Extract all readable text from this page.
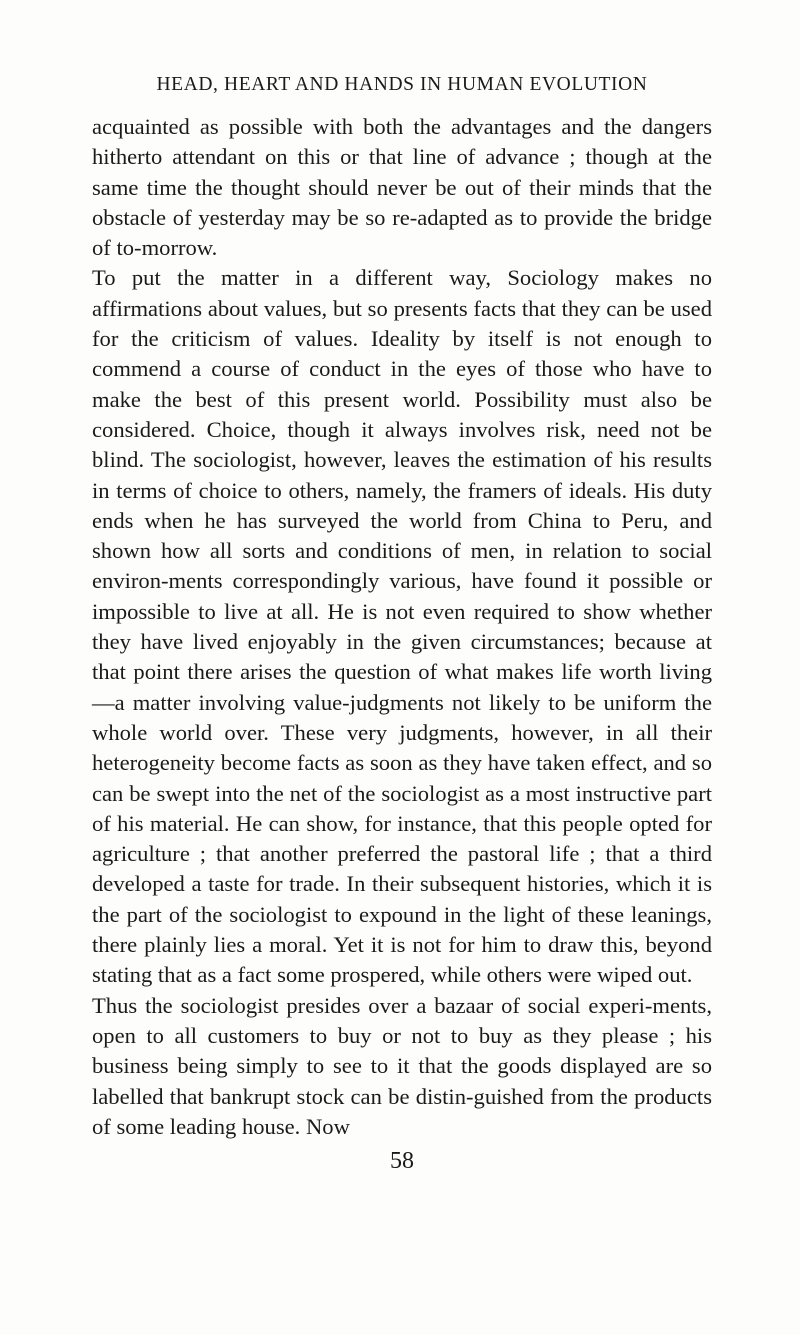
HEAD, HEART AND HANDS IN HUMAN EVOLUTION

acquainted as possible with both the advantages and the dangers hitherto attendant on this or that line of advance ; though at the same time the thought should never be out of their minds that the obstacle of yesterday may be so re-adapted as to provide the bridge of to-morrow.

To put the matter in a different way, Sociology makes no affirmations about values, but so presents facts that they can be used for the criticism of values. Ideality by itself is not enough to commend a course of conduct in the eyes of those who have to make the best of this present world. Possibility must also be considered. Choice, though it always involves risk, need not be blind. The sociologist, however, leaves the estimation of his results in terms of choice to others, namely, the framers of ideals. His duty ends when he has surveyed the world from China to Peru, and shown how all sorts and conditions of men, in relation to social environ-ments correspondingly various, have found it possible or impossible to live at all. He is not even required to show whether they have lived enjoyably in the given circumstances; because at that point there arises the question of what makes life worth living—a matter involving value-judgments not likely to be uniform the whole world over. These very judgments, however, in all their heterogeneity become facts as soon as they have taken effect, and so can be swept into the net of the sociologist as a most instructive part of his material. He can show, for instance, that this people opted for agriculture ; that another preferred the pastoral life ; that a third developed a taste for trade. In their subsequent histories, which it is the part of the sociologist to expound in the light of these leanings, there plainly lies a moral. Yet it is not for him to draw this, beyond stating that as a fact some prospered, while others were wiped out.

Thus the sociologist presides over a bazaar of social experi-ments, open to all customers to buy or not to buy as they please ; his business being simply to see to it that the goods displayed are so labelled that bankrupt stock can be distin-guished from the products of some leading house. Now

58
